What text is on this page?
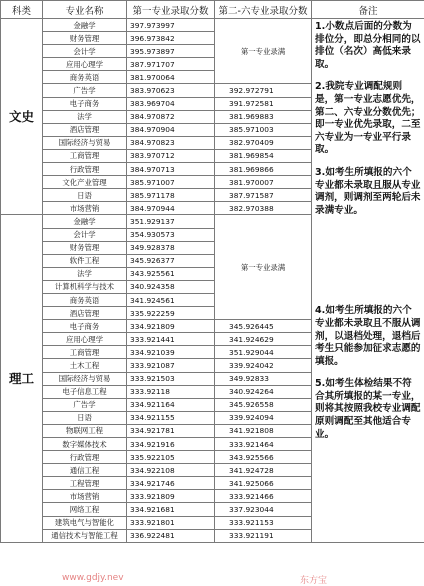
科类	专业名称	第一专业录取分数	第二-六专业录取分数	备注
文史	金融学	397.973997	第一专业录满	1.小数点后面的分数为排位分，即总分相同的以排位（名次）高低来录取。
2.我院专业调配规则是，第一专业志愿优先，第二、六专业分数优先；即一专业优先录取，二至六专业为一专业平行录取。
3.如考生所填报的六个专业都未录取且服从专业调剂，则调剂至两轮后未录满专业。
4.如考生所填报的六个专业都未录取且不服从调剂，以退档处理，退档后考生只能参加征求志愿的填报。
5.如考生体检结果不符合其所填报的某一专业，则将其按照我校专业调配原则调配至其他适合专业。

	财务管理	396.973842		
	会计学	395.973897		
	应用心理学	387.971707		
	商务英语	381.970064		
	广告学	383.970623	392.972791	
	电子商务	383.969704	391.972581	
	法学	384.970872	381.969883	
	酒店管理	384.970904	385.971003	
	国际经济与贸易	384.970823	382.970409	
	工商管理	383.970712	381.969854	
	行政管理	384.970713	381.969866	
	文化产业管理	385.971007	381.970007	
	日语	385.971178	387.971587	
	市场营销	384.970944	382.970388	
理工	金融学	351.929137	第一专业录满	
	会计学	354.930573		
	财务管理	349.928378		
	软件工程	345.926377		
	法学	343.925561		
	计算机科学与技术	340.924358		
	商务英语	341.924561		
	酒店管理	335.922259		
	电子商务	334.921809	345.926445	
	应用心理学	333.921441	341.924629	
	工商管理	334.921039	351.929044	
	土木工程	333.921087	339.924042	
	国际经济与贸易	333.921503	349.92833	
	电子信息工程	333.92118	340.924264	
	广告学	334.921164	345.926558	
	日语	334.921155	339.924094	
	物联网工程	334.921781	341.921808	
	数字媒体技术	334.921916	333.921464	
	行政管理	335.922105	343.925566	
	通信工程	334.922108	341.924728	
	工程管理	334.921746	341.925066	
	市场营销	333.921809	333.921466	
	网络工程	334.921681	337.923044	
	建筑电气与智能化	333.921801	333.921153	
	通信技术与智能工程	336.922481	333.921191	
www.gdjy.nev	东方宝
